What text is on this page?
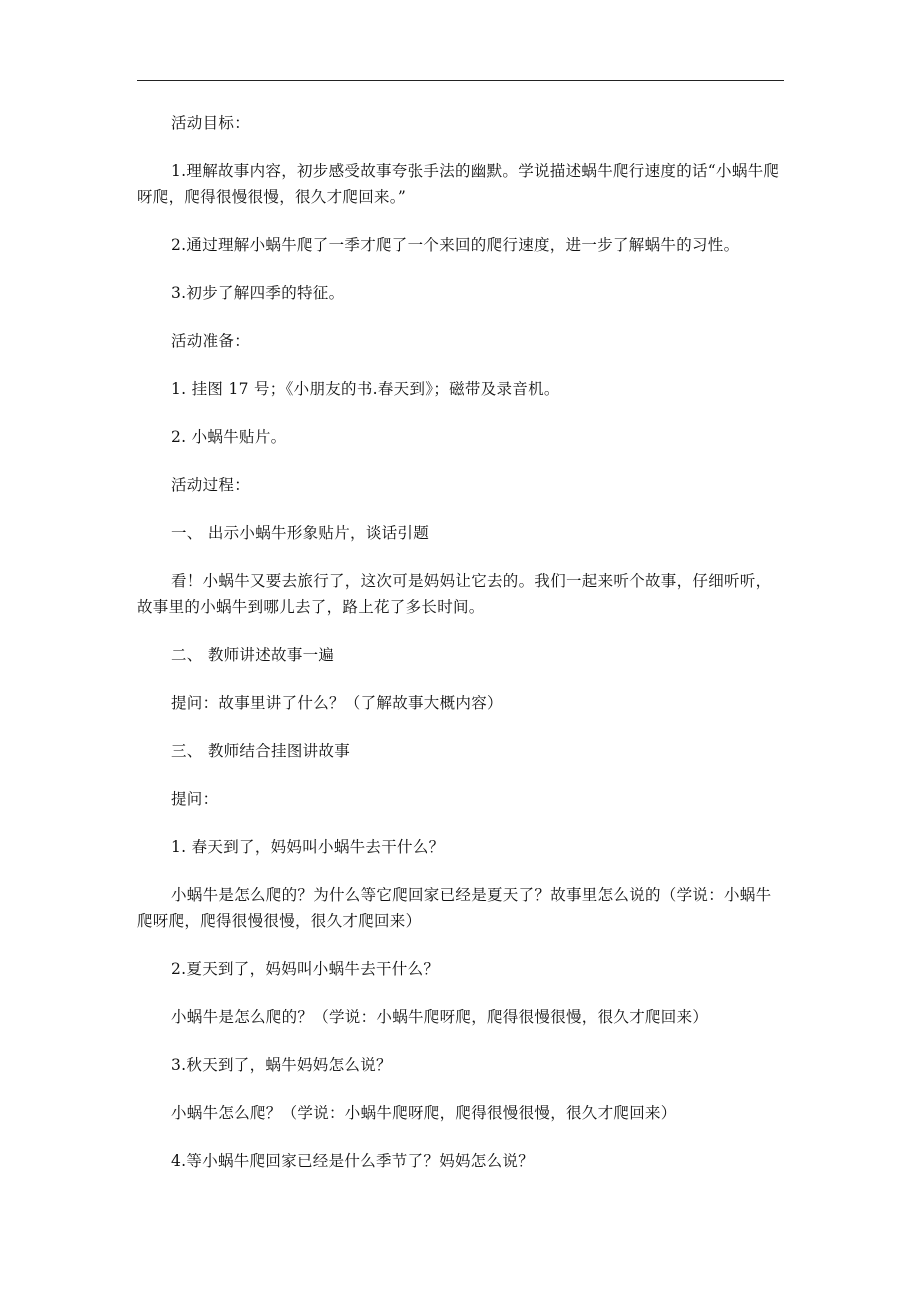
活动目标：

1.理解故事内容，初步感受故事夸张手法的幽默。学说描述蜗牛爬行速度的话“小蜗牛爬呀爬，爬得很慢很慢，很久才爬回来。”

2.通过理解小蜗牛爬了一季才爬了一个来回的爬行速度，进一步了解蜗牛的习性。

3.初步了解四季的特征。

活动准备：

1. 挂图 17 号；《小朋友的书.春天到》；磁带及录音机。

2. 小蜗牛贴片。

活动过程：

一、 出示小蜗牛形象贴片，谈话引题

看！小蜗牛又要去旅行了，这次可是妈妈让它去的。我们一起来听个故事，仔细听听，故事里的小蜗牛到哪儿去了，路上花了多长时间。

二、 教师讲述故事一遍

提问：故事里讲了什么？（了解故事大概内容）

三、 教师结合挂图讲故事

提问：

1. 春天到了，妈妈叫小蜗牛去干什么？

小蜗牛是怎么爬的？为什么等它爬回家已经是夏天了？故事里怎么说的（学说：小蜗牛爬呀爬，爬得很慢很慢，很久才爬回来）

2.夏天到了，妈妈叫小蜗牛去干什么？

小蜗牛是怎么爬的？（学说：小蜗牛爬呀爬，爬得很慢很慢，很久才爬回来）

3.秋天到了，蜗牛妈妈怎么说？

小蜗牛怎么爬？（学说：小蜗牛爬呀爬，爬得很慢很慢，很久才爬回来）

4.等小蜗牛爬回家已经是什么季节了？妈妈怎么说？
